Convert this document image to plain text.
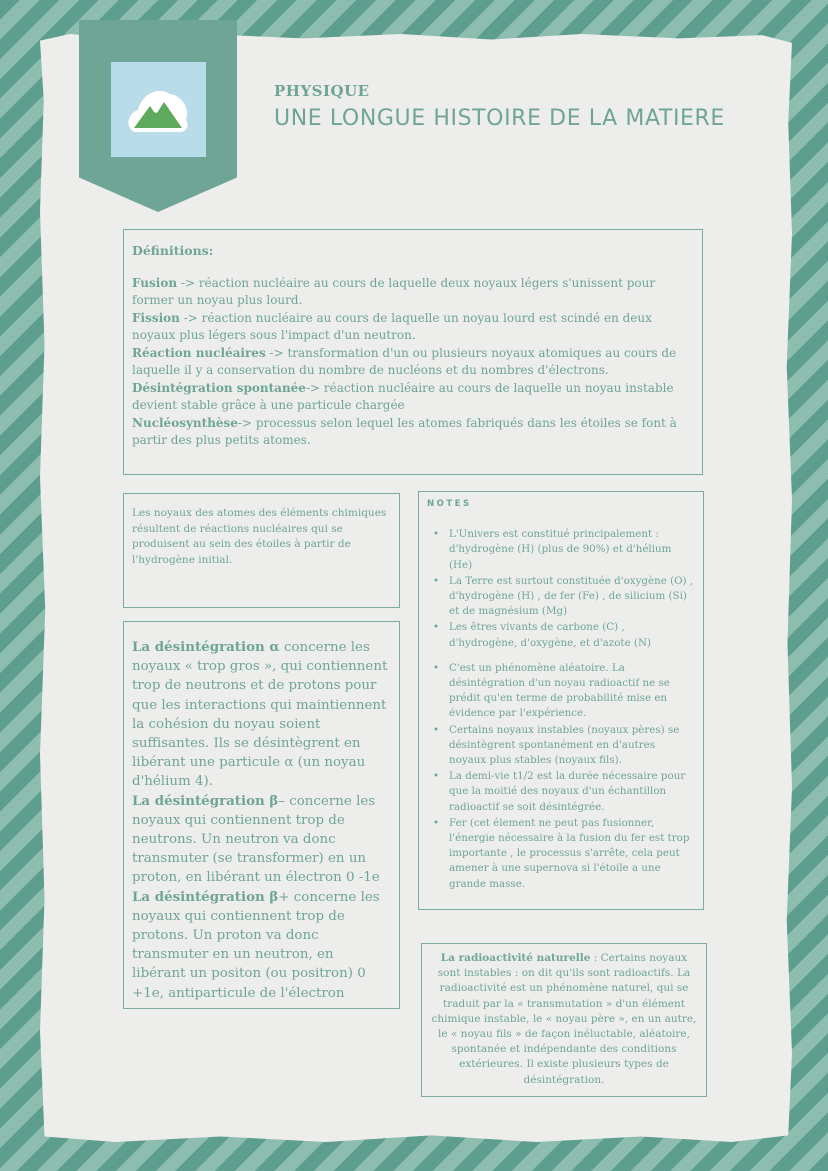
PHYSIQUE
UNE LONGUE HISTOIRE DE LA MATIERE
Définitions:

Fusion -> réaction nucléaire au cours de laquelle deux noyaux légers s'unissent pour former un noyau plus lourd.

Fission -> réaction nucléaire au cours de laquelle un noyau lourd est scindé en deux noyaux plus légers sous l'impact d'un neutron.

Réaction nucléaires -> transformation d'un ou plusieurs noyaux atomiques au cours de laquelle il y a conservation du nombre de nucléons et du nombres d'électrons.

Désintégration spontanée-> réaction nucléaire au cours de laquelle un noyau instable devient stable grâce à une particule chargée

Nucléosynthèse-> processus selon lequel les atomes fabriqués dans les étoiles se font à partir des plus petits atomes.

Les noyaux des atomes des éléments chimiques résultent de réactions nucléaires qui se produisent au sein des étoiles à partir de l'hydrogène initial.

La désintégration α concerne les noyaux « trop gros », qui contiennent trop de neutrons et de protons pour que les interactions qui maintiennent la cohésion du noyau soient suffisantes. Ils se désintègrent en libérant une particule α (un noyau d'hélium 4).

La désintégration β– concerne les noyaux qui contiennent trop de neutrons. Un neutron va donc transmuter (se transformer) en un proton, en libérant un électron 0 -1e

La désintégration β+ concerne les noyaux qui contiennent trop de protons. Un proton va donc transmuter en un neutron, en libérant un positon (ou positron) 0 +1e, antiparticule de l'électron

NOTES
• L'Univers est constitué principalement : d'hydrogène (H) (plus de 90%) et d'hélium (He)
• La Terre est surtout constituée d'oxygène (O) , d'hydrogène (H) , de fer (Fe) , de silicium (Si) et de magnésium (Mg)
• Les êtres vivants de carbone (C) , d'hydrogène, d'oxygène, et d'azote (N)
• C'est un phénomène aléatoire. La désintégration d'un noyau radioactif ne se prédit qu'en terme de probabilité mise en évidence par l'expérience.
• Certains noyaux instables (noyaux pères) se désintègrent spontanément en d'autres noyaux plus stables (noyaux fils).
• La demi-vie t1/2 est la durée nécessaire pour que la moitié des noyaux d'un échantillon radioactif se soit désintégrée.
• Fer (cet élement ne peut pas fusionner, l'énergie nécessaire à la fusion du fer est trop importante , le processus s'arrête, cela peut amener à une supernova si l'étoile a une grande masse.

La radioactivité naturelle : Certains noyaux sont instables : on dit qu'ils sont radioactifs. La radioactivité est un phénomène naturel, qui se traduit par la « transmutation » d'un élément chimique instable, le « noyau père », en un autre, le « noyau fils » de façon inéluctable, aléatoire, spontanée et indépendante des conditions extérieures. Il existe plusieurs types de désintégration.
